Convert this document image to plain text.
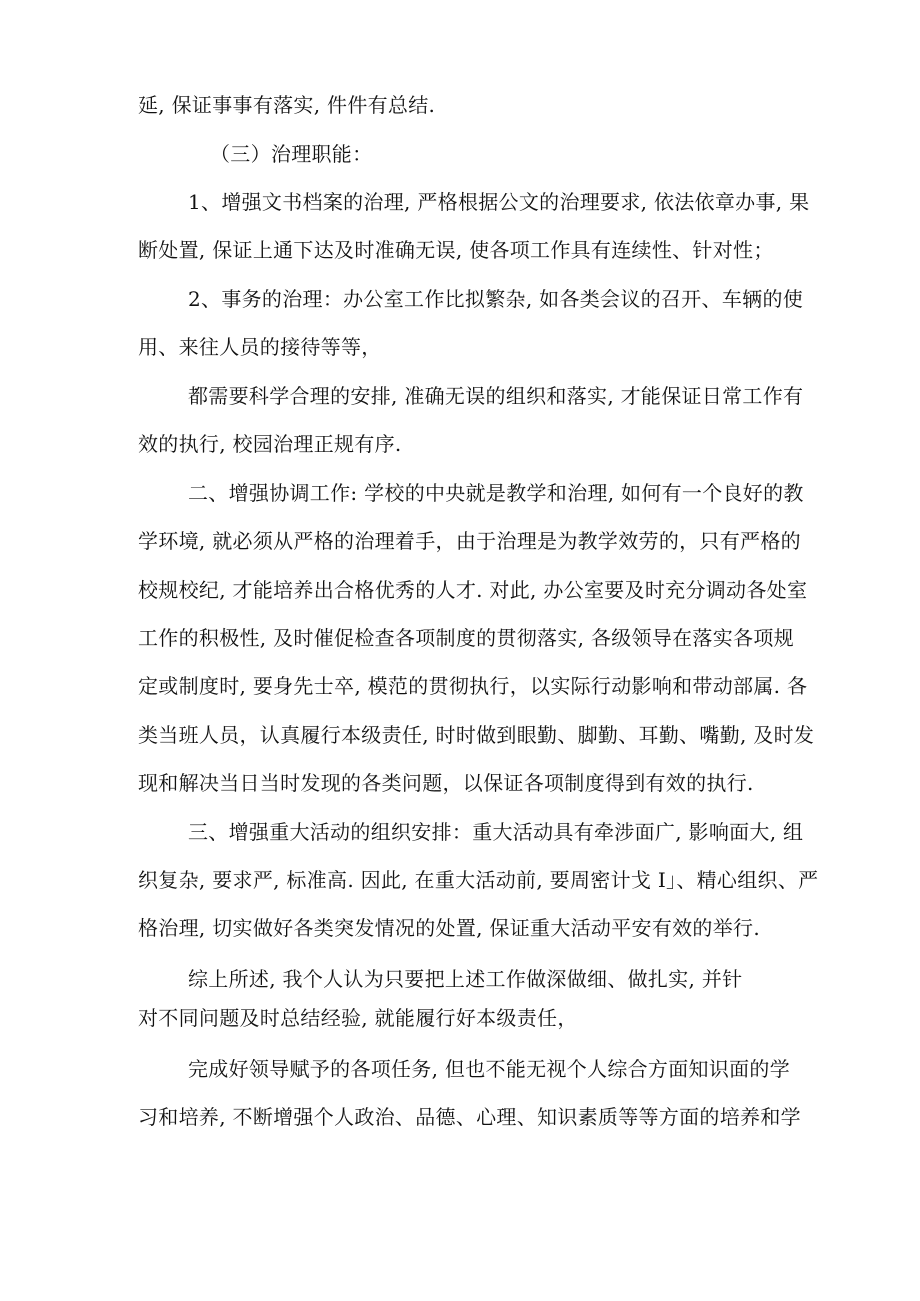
延, 保证事事有落实, 件件有总结.
（三）治理职能：
1、增强文书档案的治理, 严格根据公文的治理要求, 依法依章办事, 果
断处置, 保证上通下达及时准确无误, 使各项工作具有连续性、针对性；
2、事务的治理：办公室工作比拟繁杂, 如各类会议的召开、车辆的使
用、来往人员的接待等等，
都需要科学合理的安排, 准确无误的组织和落实, 才能保证日常工作有
效的执行, 校园治理正规有序.
二、增强协调工作: 学校的中央就是教学和治理, 如何有一个良好的教
学环境, 就必须从严格的治理着手，由于治理是为教学效劳的，只有严格的
校规校纪, 才能培养出合格优秀的人才. 对此, 办公室要及时充分调动各处室
工作的积极性, 及时催促检查各项制度的贯彻落实, 各级领导在落实各项规
定或制度时, 要身先士卒, 模范的贯彻执行，以实际行动影响和带动部属. 各
类当班人员，认真履行本级责任, 时时做到眼勤、脚勤、耳勤、嘴勤, 及时发
现和解决当日当时发现的各类问题，以保证各项制度得到有效的执行.
三、增强重大活动的组织安排：重大活动具有牵涉面广, 影响面大, 组
织复杂, 要求严, 标准高. 因此, 在重大活动前, 要周密计戈 I」、精心组织、严
格治理, 切实做好各类突发情况的处置, 保证重大活动平安有效的举行.
综上所述, 我个人认为只要把上述工作做深做细、做扎实, 并针
对不同问题及时总结经验, 就能履行好本级责任，
完成好领导赋予的各项任务, 但也不能无视个人综合方面知识面的学
习和培养, 不断增强个人政治、品德、心理、知识素质等等方面的培养和学
